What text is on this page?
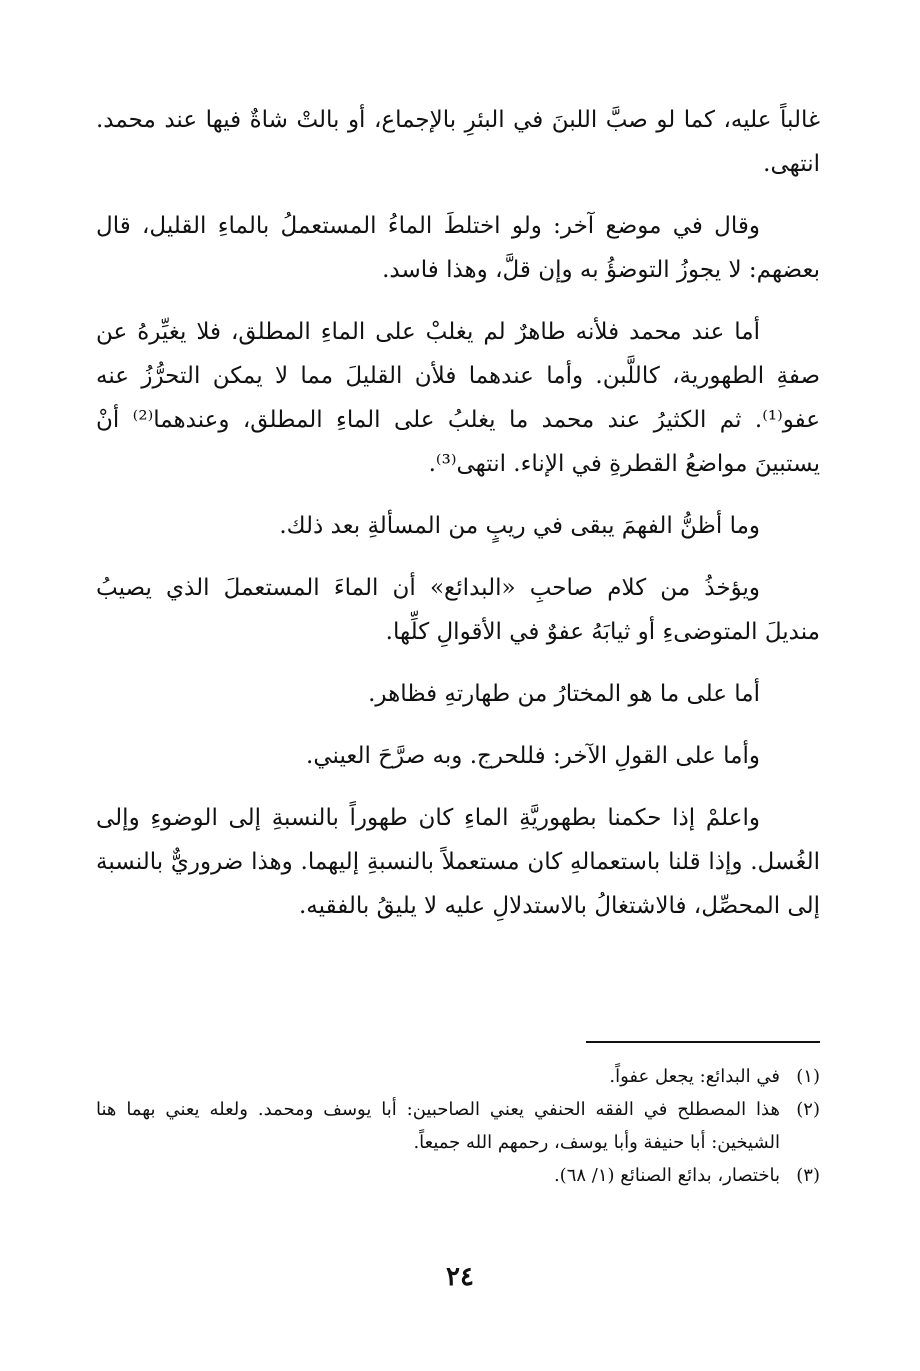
غالباً عليه، كما لو صبَّ اللبنَ في البئرِ بالإجماع، أو بالتْ شاةٌ فيها عند محمد. انتهى.

وقال في موضع آخر: ولو اختلطَ الماءُ المستعملُ بالماءِ القليل، قال بعضهم: لا يجوزُ التوضؤُ به وإن قلَّ، وهذا فاسد.

أما عند محمد فلأنه طاهرٌ لم يغلبْ على الماءِ المطلق، فلا يغيِّرهُ عن صفةِ الطهورية، كاللَّبن. وأما عندهما فلأن القليلَ مما لا يمكن التحرُّزُ عنه عفو⁽¹⁾. ثم الكثيرُ عند محمد ما يغلبُ على الماءِ المطلق، وعندهما⁽²⁾ أنْ يستبينَ مواضعُ القطرةِ في الإناء. انتهى⁽³⁾.

وما أظنُّ الفهمَ يبقى في ريبٍ من المسألةِ بعد ذلك.

ويؤخذُ من كلام صاحبِ «البدائع» أن الماءَ المستعملَ الذي يصيبُ منديلَ المتوضىءِ أو ثيابَهُ عفوٌ في الأقوالِ كلِّها.

أما على ما هو المختارُ من طهارتهِ فظاهر.

وأما على القولِ الآخر: فللحرج. وبه صرَّحَ العيني.

واعلمْ إذا حكمنا بطهوريَّةِ الماءِ كان طهوراً بالنسبةِ إلى الوضوءِ وإلى الغُسل. وإذا قلنا باستعمالهِ كان مستعملاً بالنسبةِ إليهما. وهذا ضروريٌّ بالنسبة إلى المحصِّل، فالاشتغالُ بالاستدلالِ عليه لا يليقُ بالفقيه.

(١)
في البدائع: يجعل عفواً.
(٢)
هذا المصطلح في الفقه الحنفي يعني الصاحبين: أبا يوسف ومحمد. ولعله يعني بهما هنا الشيخين: أبا حنيفة وأبا يوسف، رحمهم الله جميعاً.
(٣)
باختصار، بدائع الصنائع (١/ ٦٨).
٢٤
